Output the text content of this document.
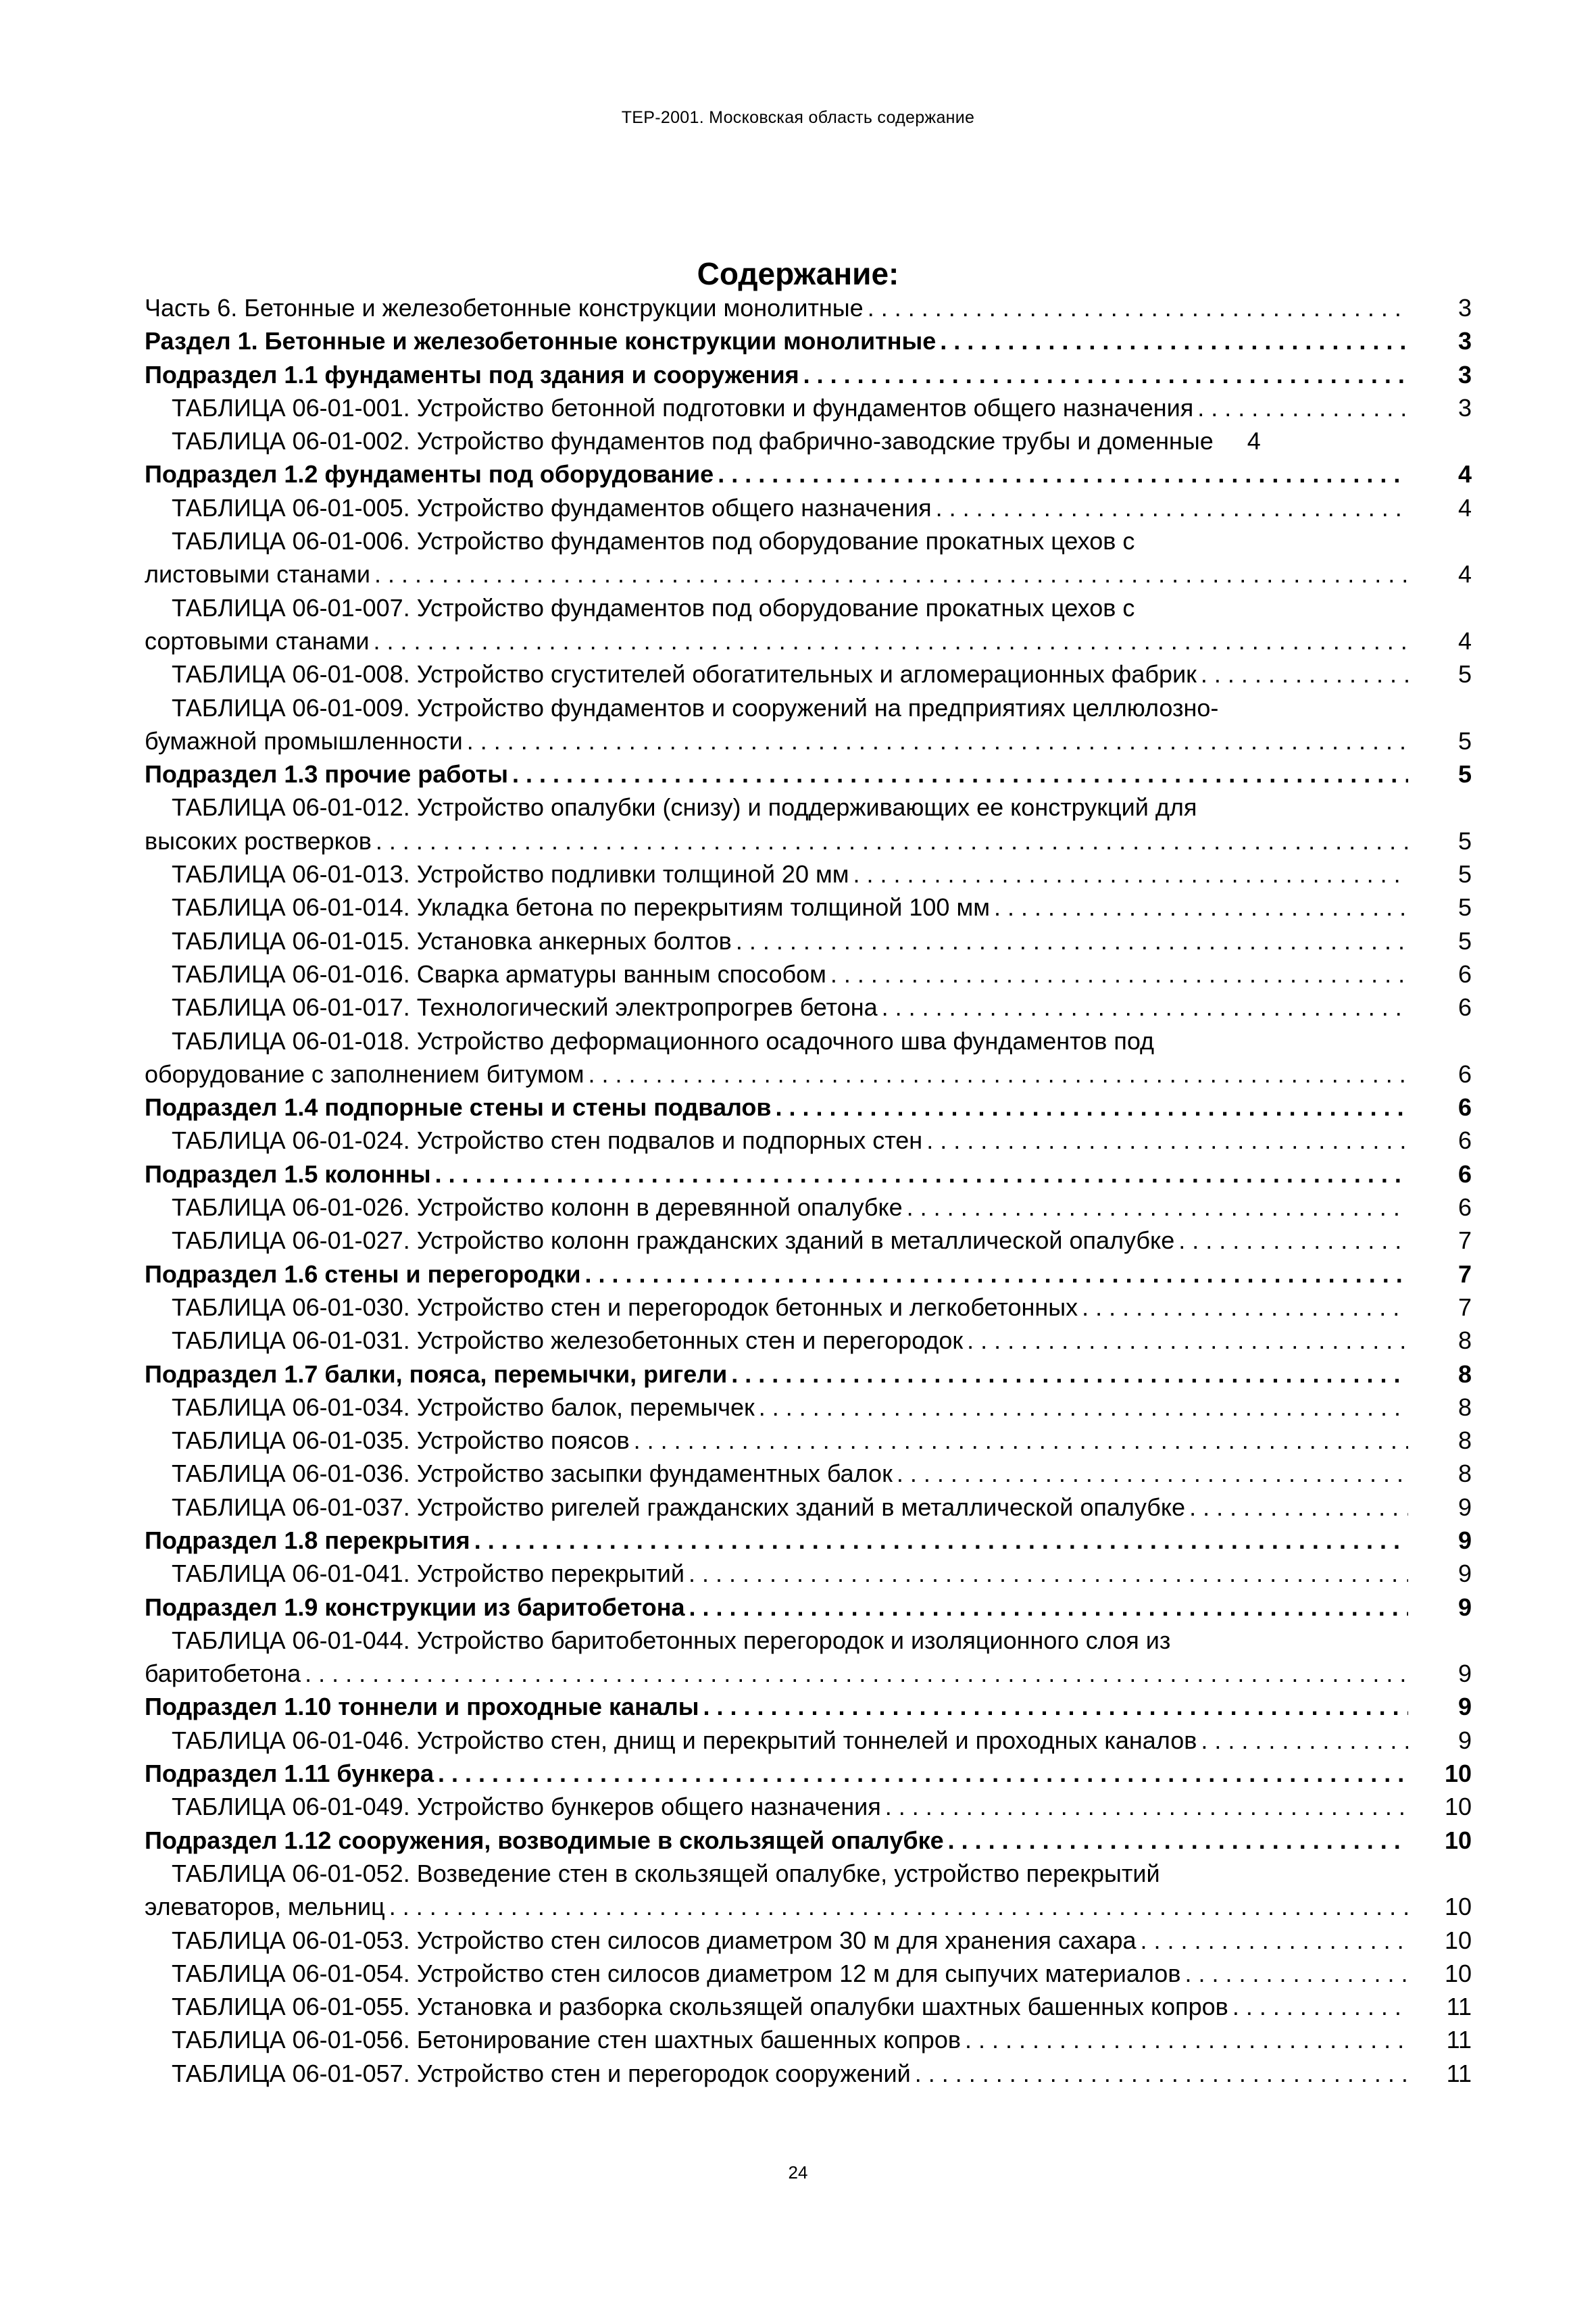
ТЕР-2001. Московская область содержание
Содержание:
Часть 6. Бетонные и железобетонные конструкции монолитные . . .	3
Раздел 1. Бетонные и железобетонные конструкции монолитные . . .	3
Подраздел 1.1 фундаменты под здания и сооружения . . .	3
ТАБЛИЦА 06-01-001. Устройство бетонной подготовки и фундаментов общего назначения . . .	3
ТАБЛИЦА 06-01-002. Устройство фундаментов под фабрично-заводские трубы и доменные	4
Подраздел 1.2 фундаменты под оборудование . . .	4
ТАБЛИЦА 06-01-005. Устройство фундаментов общего назначения . . .	4
ТАБЛИЦА 06-01-006. Устройство фундаментов под оборудование прокатных цехов с
листовыми станами . . .	4
ТАБЛИЦА 06-01-007. Устройство фундаментов под оборудование прокатных цехов с
сортовыми станами . . .	4
ТАБЛИЦА 06-01-008. Устройство сгустителей обогатительных и агломерационных фабрик . . .	5
ТАБЛИЦА 06-01-009. Устройство фундаментов и сооружений на предприятиях целлюлозно-
бумажной промышленности . . .	5
Подраздел 1.3 прочие работы . . .	5
ТАБЛИЦА 06-01-012. Устройство опалубки (снизу) и поддерживающих ее конструкций для
высоких ростверков . . .	5
ТАБЛИЦА 06-01-013. Устройство подливки толщиной 20 мм . . .	5
ТАБЛИЦА 06-01-014. Укладка бетона по перекрытиям толщиной 100 мм . . .	5
ТАБЛИЦА 06-01-015. Установка анкерных болтов . . .	5
ТАБЛИЦА 06-01-016. Сварка арматуры ванным способом . . .	6
ТАБЛИЦА 06-01-017. Технологический электропрогрев бетона . . .	6
ТАБЛИЦА 06-01-018. Устройство деформационного осадочного шва фундаментов под
оборудование с заполнением битумом . . .	6
Подраздел 1.4 подпорные стены и стены подвалов . . .	6
ТАБЛИЦА 06-01-024. Устройство стен подвалов и подпорных стен . . .	6
Подраздел 1.5 колонны . . .	6
ТАБЛИЦА 06-01-026. Устройство колонн в деревянной опалубке . . .	6
ТАБЛИЦА 06-01-027. Устройство колонн гражданских зданий в металлической опалубке . . .	7
Подраздел 1.6 стены и перегородки . . .	7
ТАБЛИЦА 06-01-030. Устройство стен и перегородок бетонных и легкобетонных . . .	7
ТАБЛИЦА 06-01-031. Устройство железобетонных стен и перегородок . . .	8
Подраздел 1.7 балки, пояса, перемычки, ригели . . .	8
ТАБЛИЦА 06-01-034. Устройство балок, перемычек . . .	8
ТАБЛИЦА 06-01-035. Устройство поясов . . .	8
ТАБЛИЦА 06-01-036. Устройство засыпки фундаментных балок . . .	8
ТАБЛИЦА 06-01-037. Устройство ригелей гражданских зданий в металлической опалубке . . .	9
Подраздел 1.8 перекрытия . . .	9
ТАБЛИЦА 06-01-041. Устройство перекрытий . . .	9
Подраздел 1.9 конструкции из баритобетона . . .	9
ТАБЛИЦА 06-01-044. Устройство баритобетонных перегородок и изоляционного слоя из
баритобетона . . .	9
Подраздел 1.10 тоннели и проходные каналы . . .	9
ТАБЛИЦА 06-01-046. Устройство стен, днищ и перекрытий тоннелей и проходных каналов . . .	9
Подраздел 1.11 бункера . . .	10
ТАБЛИЦА 06-01-049. Устройство бункеров общего назначения . . .	10
Подраздел 1.12 сооружения, возводимые в скользящей опалубке . . .	10
ТАБЛИЦА 06-01-052. Возведение стен в скользящей опалубке, устройство перекрытий
элеваторов, мельниц . . .	10
ТАБЛИЦА 06-01-053. Устройство стен силосов диаметром 30 м для хранения сахара . . .	10
ТАБЛИЦА 06-01-054. Устройство стен силосов диаметром 12 м для сыпучих материалов . . .	10
ТАБЛИЦА 06-01-055. Установка и разборка скользящей опалубки шахтных башенных копров . . .	11
ТАБЛИЦА 06-01-056. Бетонирование стен шахтных башенных копров . . .	11
ТАБЛИЦА 06-01-057. Устройство стен и перегородок сооружений . . .	11
24
